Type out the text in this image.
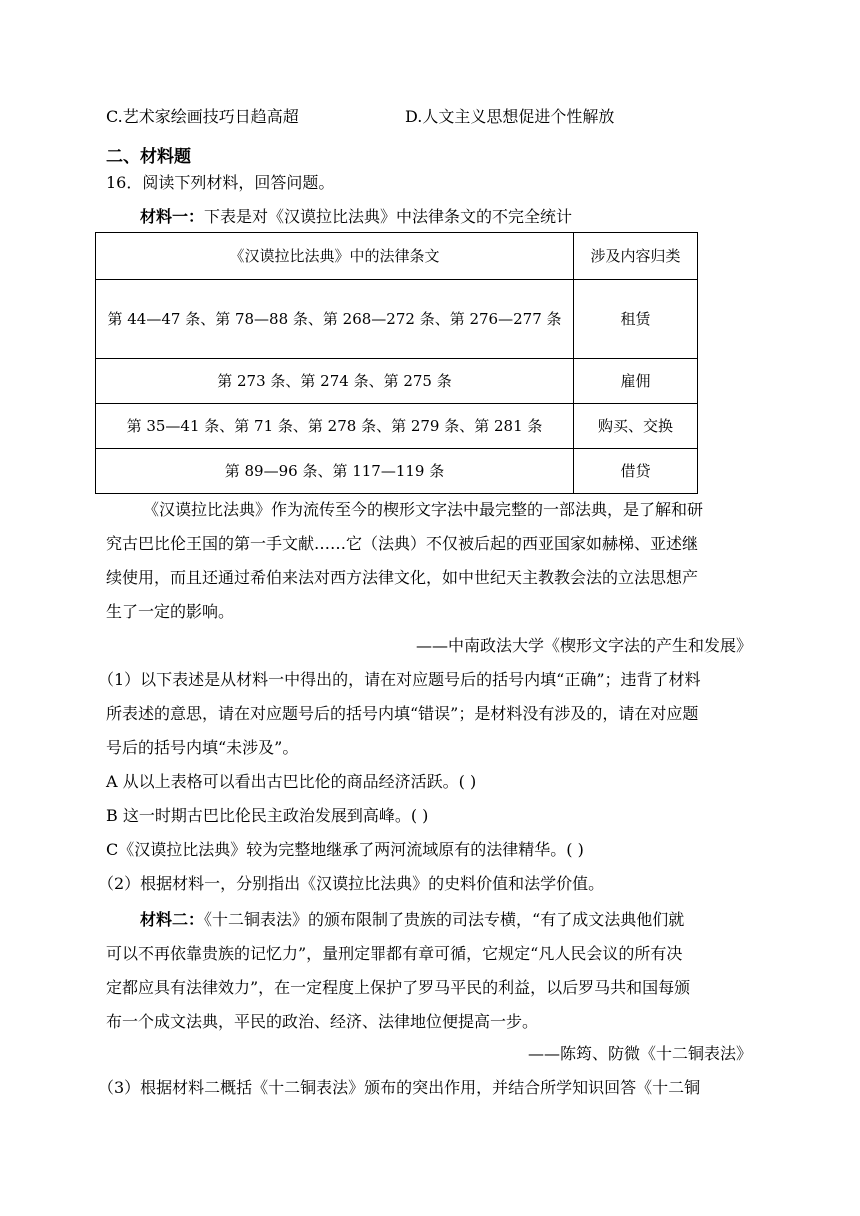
C.艺术家绘画技巧日趋高超	D.人文主义思想促进个性解放
二、材料题
16．阅读下列材料，回答问题。
材料一：下表是对《汉谟拉比法典》中法律条文的不完全统计
《汉谟拉比法典》中的法律条文	涉及内容归类
第 44—47 条、第 78—88 条、第 268—272 条、第 276—277 条	租赁
第 273 条、第 274 条、第 275 条	雇佣
第 35—41 条、第 71 条、第 278 条、第 279 条、第 281 条	购买、交换
第 89—96 条、第 117—119 条	借贷
《汉谟拉比法典》作为流传至今的楔形文字法中最完整的一部法典，是了解和研
究古巴比伦王国的第一手文献……它（法典）不仅被后起的西亚国家如赫梯、亚述继
续使用，而且还通过希伯来法对西方法律文化，如中世纪天主教教会法的立法思想产
生了一定的影响。
——中南政法大学《楔形文字法的产生和发展》
（1）以下表述是从材料一中得出的，请在对应题号后的括号内填“正确”；违背了材料
所表述的意思，请在对应题号后的括号内填“错误”；是材料没有涉及的，请在对应题
号后的括号内填“未涉及”。
A 从以上表格可以看出古巴比伦的商品经济活跃。( )
B 这一时期古巴比伦民主政治发展到高峰。( )
C《汉谟拉比法典》较为完整地继承了两河流域原有的法律精华。( )
（2）根据材料一，分别指出《汉谟拉比法典》的史料价值和法学价值。
材料二：《十二铜表法》的颁布限制了贵族的司法专横，“有了成文法典他们就
可以不再依靠贵族的记忆力”，量刑定罪都有章可循，它规定“凡人民会议的所有决
定都应具有法律效力”，在一定程度上保护了罗马平民的利益，以后罗马共和国每颁
布一个成文法典，平民的政治、经济、法律地位便提高一步。
——陈筠、防微《十二铜表法》
（3）根据材料二概括《十二铜表法》颁布的突出作用，并结合所学知识回答《十二铜
